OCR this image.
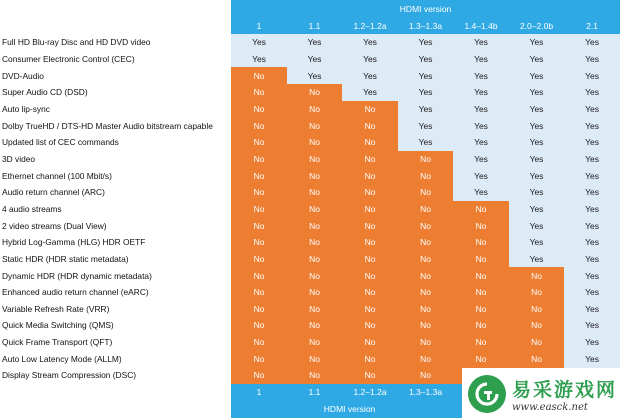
	HDMI version						
	1	1.1	1.2–1.2a	1.3–1.3a	1.4–1.4b	2.0–2.0b	2.1
Full HD Blu-ray Disc and HD DVD video	Yes	Yes	Yes	Yes	Yes	Yes	Yes
Consumer Electronic Control (CEC)	Yes	Yes	Yes	Yes	Yes	Yes	Yes
DVD-Audio	No	Yes	Yes	Yes	Yes	Yes	Yes
Super Audio CD (DSD)	No	No	Yes	Yes	Yes	Yes	Yes
Auto lip-sync	No	No	No	Yes	Yes	Yes	Yes
Dolby TrueHD / DTS-HD Master Audio bitstream capable	No	No	No	Yes	Yes	Yes	Yes
Updated list of CEC commands	No	No	No	Yes	Yes	Yes	Yes
3D video	No	No	No	No	Yes	Yes	Yes
Ethernet channel (100 Mbit/s)	No	No	No	No	Yes	Yes	Yes
Audio return channel (ARC)	No	No	No	No	Yes	Yes	Yes
4 audio streams	No	No	No	No	No	Yes	Yes
2 video streams (Dual View)	No	No	No	No	No	Yes	Yes
Hybrid Log-Gamma (HLG) HDR OETF	No	No	No	No	No	Yes	Yes
Static HDR (HDR static metadata)	No	No	No	No	No	Yes	Yes
Dynamic HDR (HDR dynamic metadata)	No	No	No	No	No	No	Yes
Enhanced audio return channel (eARC)	No	No	No	No	No	No	Yes
Variable Refresh Rate (VRR)	No	No	No	No	No	No	Yes
Quick Media Switching (QMS)	No	No	No	No	No	No	Yes
Quick Frame Transport (QFT)	No	No	No	No	No	No	Yes
Auto Low Latency Mode (ALLM)	No	No	No	No	No	No	Yes
Display Stream Compression (DSC)	No	No	No	No			
	1	1.1	1.2–1.2a	1.3–1.3a			
	HDMI version						
易采游戏网
www.easck.net
